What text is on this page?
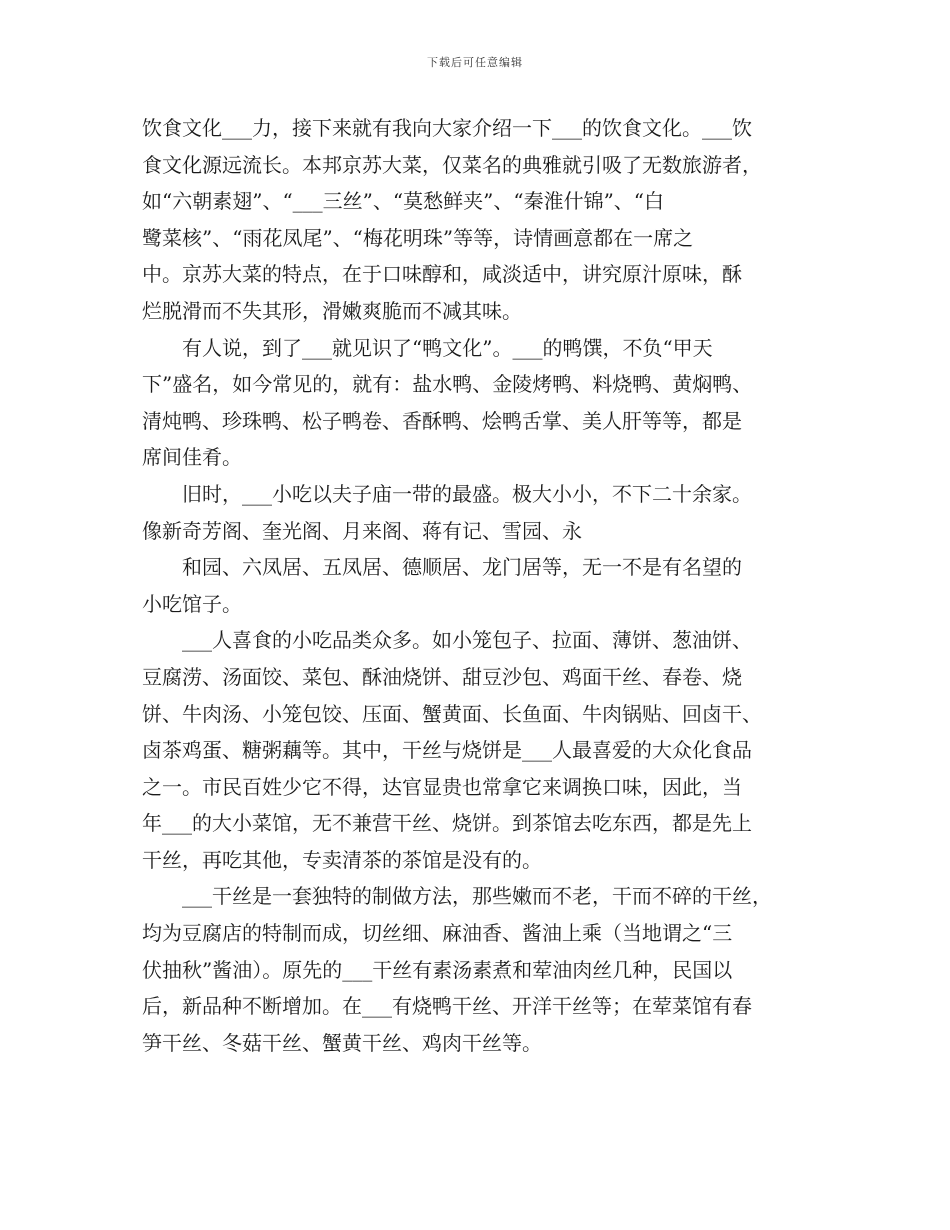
下载后可任意编辑

饮食文化___力，接下来就有我向大家介绍一下___的饮食文化。___饮
食文化源远流长。本邦京苏大菜，仅菜名的典雅就引吸了无数旅游者，
如“六朝素翅”、“___三丝”、“莫愁鲜夹”、“秦淮什锦”、“白
鹭菜核”、“雨花凤尾”、“梅花明珠”等等，诗情画意都在一席之
中。京苏大菜的特点，在于口味醇和，咸淡适中，讲究原汁原味，酥
烂脱滑而不失其形，滑嫩爽脆而不减其味。

有人说，到了___就见识了“鸭文化”。___的鸭馔，不负“甲天
下”盛名，如今常见的，就有：盐水鸭、金陵烤鸭、料烧鸭、黄焖鸭、
清炖鸭、珍珠鸭、松子鸭卷、香酥鸭、烩鸭舌掌、美人肝等等，都是
席间佳肴。

旧时，___小吃以夫子庙一带的最盛。极大小小，不下二十余家。
像新奇芳阁、奎光阁、月来阁、蒋有记、雪园、永

和园、六凤居、五凤居、德顺居、龙门居等，无一不是有名望的
小吃馆子。

___人喜食的小吃品类众多。如小笼包子、拉面、薄饼、葱油饼、
豆腐涝、汤面饺、菜包、酥油烧饼、甜豆沙包、鸡面干丝、春卷、烧
饼、牛肉汤、小笼包饺、压面、蟹黄面、长鱼面、牛肉锅贴、回卤干、
卤茶鸡蛋、糖粥藕等。其中，干丝与烧饼是___人最喜爱的大众化食品
之一。市民百姓少它不得，达官显贵也常拿它来调换口味，因此，当
年___的大小菜馆，无不兼营干丝、烧饼。到茶馆去吃东西，都是先上
干丝，再吃其他，专卖清茶的茶馆是没有的。

___干丝是一套独特的制做方法，那些嫩而不老，干而不碎的干丝，
均为豆腐店的特制而成，切丝细、麻油香、酱油上乘（当地谓之“三
伏抽秋”酱油）。原先的___干丝有素汤素煮和荤油肉丝几种，民国以
后，新品种不断增加。在___有烧鸭干丝、开洋干丝等；在荤菜馆有春
笋干丝、冬菇干丝、蟹黄干丝、鸡肉干丝等。
